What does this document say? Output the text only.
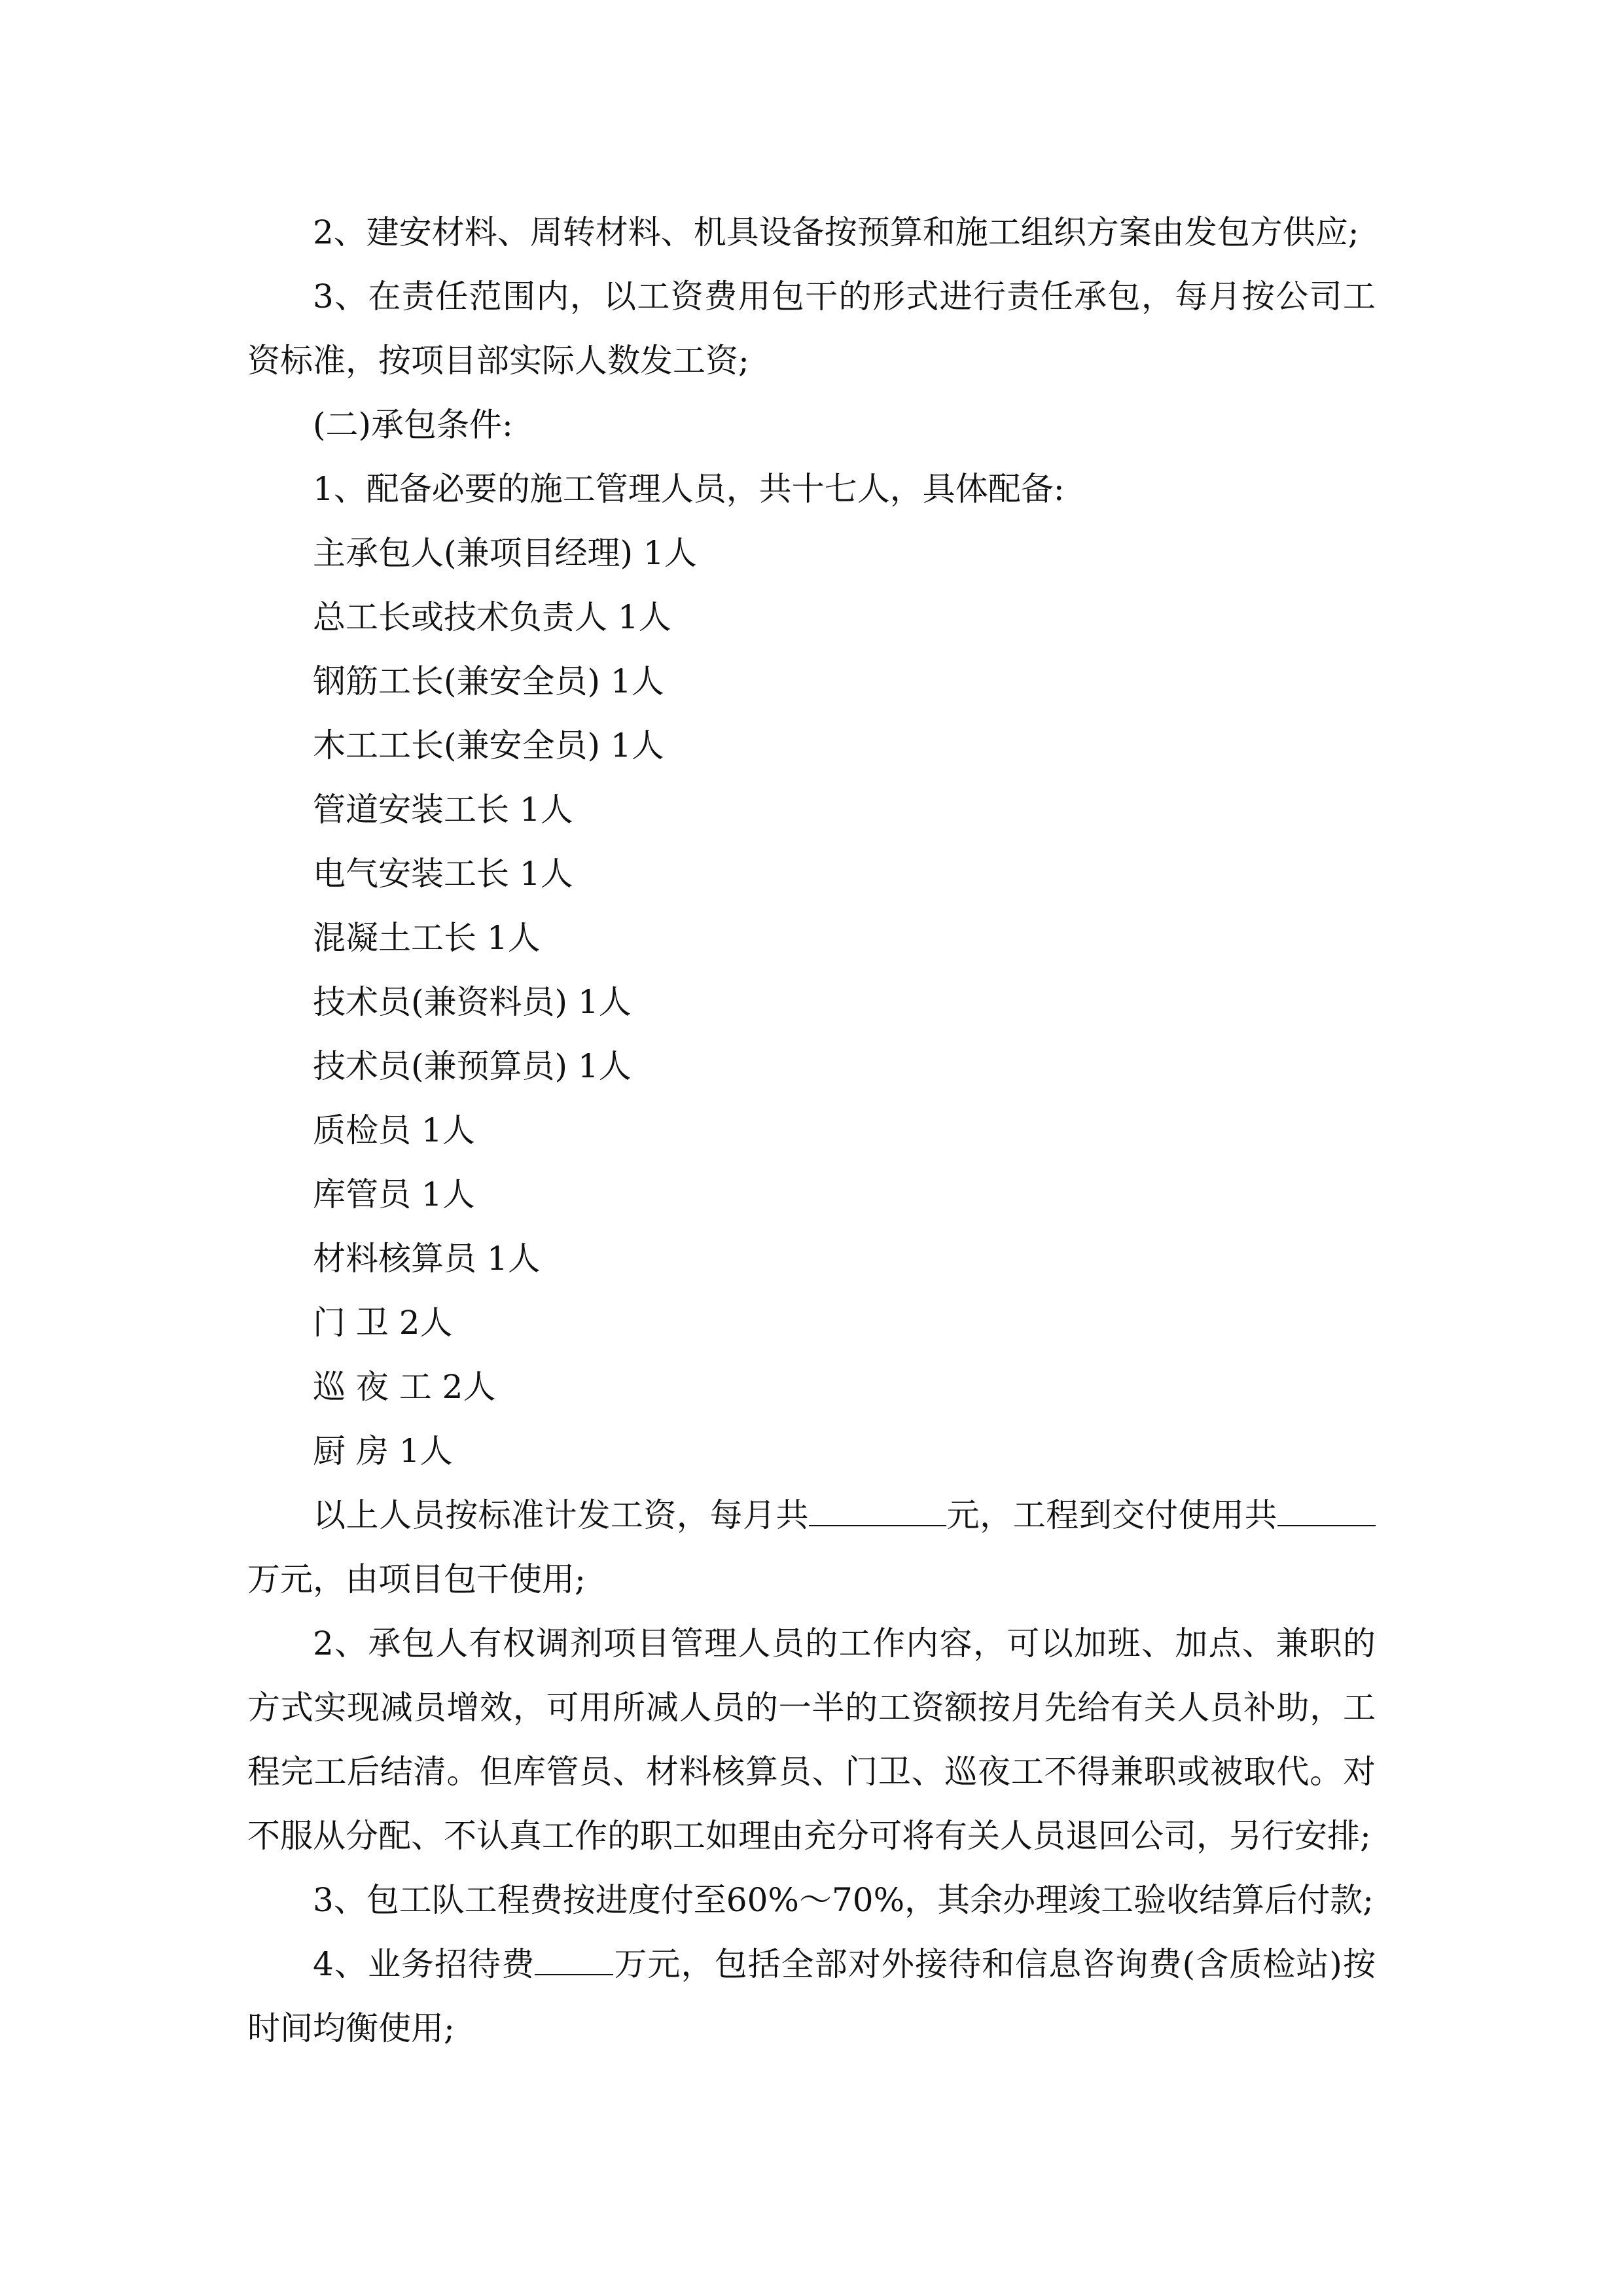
2、建安材料、周转材料、机具设备按预算和施工组织方案由发包方供应;

3、在责任范围内，以工资费用包干的形式进行责任承包，每月按公司工资标准，按项目部实际人数发工资;

(二)承包条件:

1、配备必要的施工管理人员，共十七人，具体配备:

主承包人(兼项目经理) 1人
总工长或技术负责人 1人
钢筋工长(兼安全员) 1人
木工工长(兼安全员) 1人
管道安装工长 1人
电气安装工长 1人
混凝土工长 1人
技术员(兼资料员) 1人
技术员(兼预算员) 1人
质检员 1人
库管员 1人
材料核算员 1人
门 卫 2人
巡 夜 工 2人
厨 房 1人

以上人员按标准计发工资，每月共	元，工程到交付使用共万元，由项目包干使用;

2、承包人有权调剂项目管理人员的工作内容，可以加班、加点、兼职的方式实现减员增效，可用所减人员的一半的工资额按月先给有关人员补助，工程完工后结清。但库管员、材料核算员、门卫、巡夜工不得兼职或被取代。对不服从分配、不认真工作的职工如理由充分可将有关人员退回公司，另行安排;

3、包工队工程费按进度付至60%～70%，其余办理竣工验收结算后付款;

4、业务招待费 万元，包括全部对外接待和信息咨询费(含质检站)按时间均衡使用;
